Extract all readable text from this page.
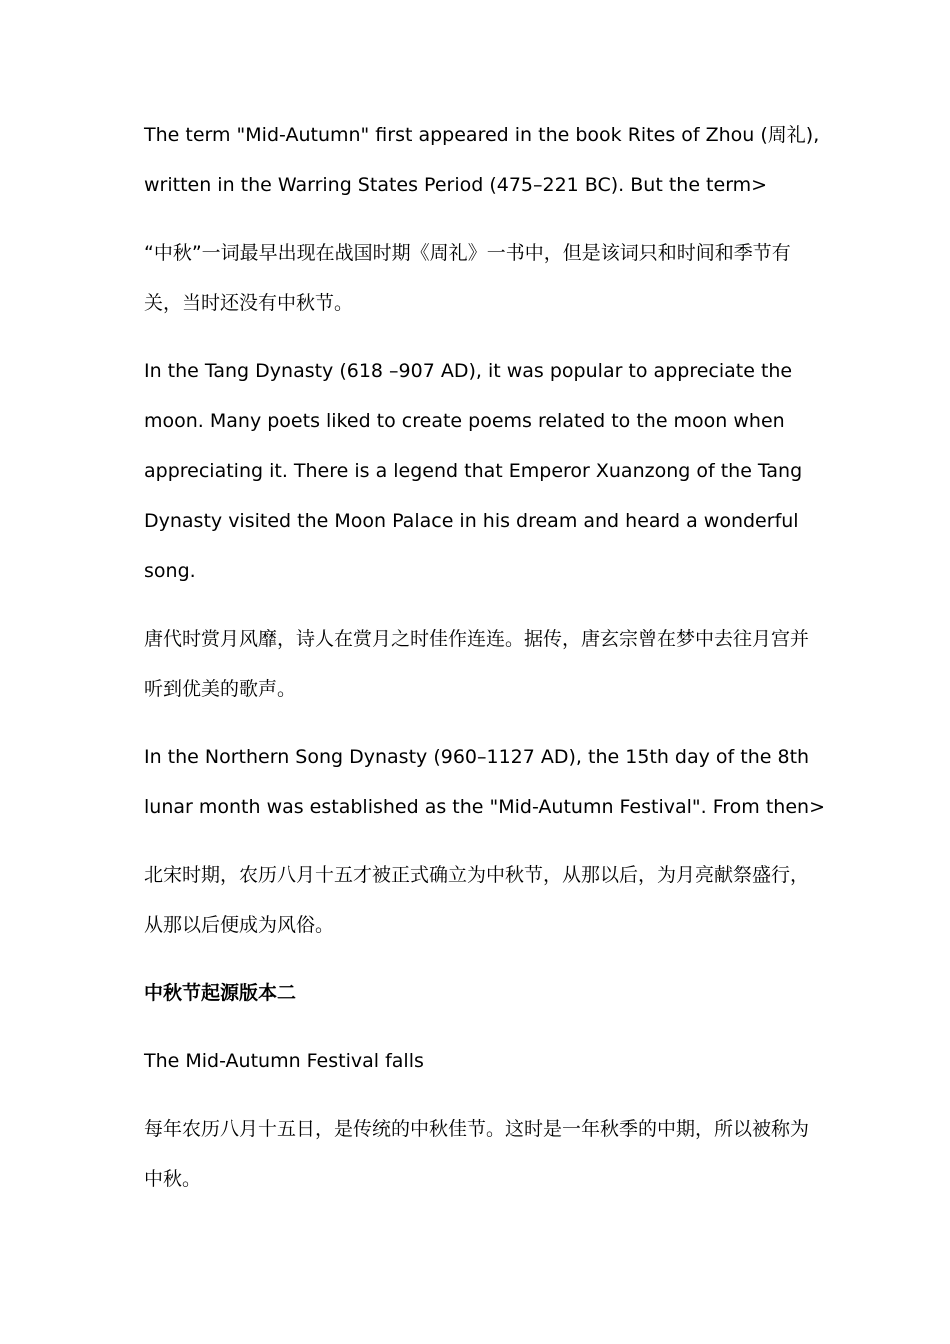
The term "Mid-Autumn" first appeared in the book Rites of Zhou (周礼),
written in the Warring States Period (475–221 BC). But the term>

“中秋”一词最早出现在战国时期《周礼》一书中，但是该词只和时间和季节有
关，当时还没有中秋节。

In the Tang Dynasty (618 –907 AD), it was popular to appreciate the
moon. Many poets liked to create poems related to the moon when
appreciating it. There is a legend that Emperor Xuanzong of the Tang
Dynasty visited the Moon Palace in his dream and heard a wonderful
song.

唐代时赏月风靡，诗人在赏月之时佳作连连。据传，唐玄宗曾在梦中去往月宫并
听到优美的歌声。

In the Northern Song Dynasty (960–1127 AD), the 15th day of the 8th
lunar month was established as the "Mid-Autumn Festival". From then>

北宋时期，农历八月十五才被正式确立为中秋节，从那以后，为月亮献祭盛行，
从那以后便成为风俗。

中秋节起源版本二

The Mid-Autumn Festival falls

每年农历八月十五日，是传统的中秋佳节。这时是一年秋季的中期，所以被称为
中秋。
